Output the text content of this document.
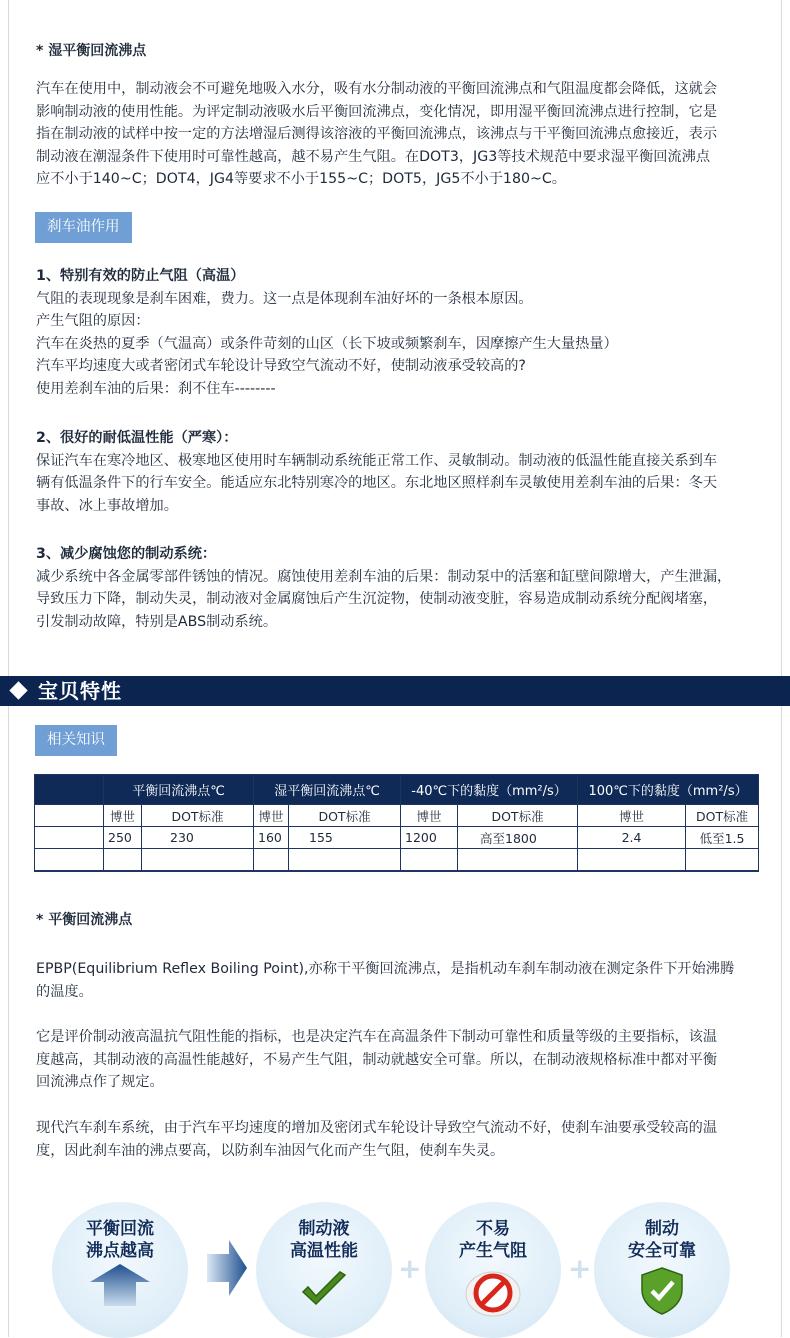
* 湿平衡回流沸点
汽车在使用中，制动液会不可避免地吸入水分，吸有水分制动液的平衡回流沸点和气阻温度都会降低，这就会
影响制动液的使用性能。为评定制动液吸水后平衡回流沸点，变化情况，即用湿平衡回流沸点进行控制，它是
指在制动液的试样中按一定的方法增湿后测得该溶液的平衡回流沸点，该沸点与干平衡回流沸点愈接近，表示
制动液在潮湿条件下使用时可靠性越高，越不易产生气阻。在DOT3，JG3等技术规范中要求湿平衡回流沸点
应不小于140~C；DOT4，JG4等要求不小于155~C；DOT5，JG5不小于180~C。
刹车油作用
1、特别有效的防止气阻（高温）
气阻的表现现象是刹车困难，费力。这一点是体现刹车油好坏的一条根本原因。
产生气阻的原因：
汽车在炎热的夏季（气温高）或条件苛刻的山区（长下坡或频繁刹车，因摩擦产生大量热量）
汽车平均速度大或者密闭式车轮设计导致空气流动不好，使制动液承受较高的?
使用差刹车油的后果：刹不住车--------
2、很好的耐低温性能（严寒）：
保证汽车在寒冷地区、极寒地区使用时车辆制动系统能正常工作、灵敏制动。制动液的低温性能直接关系到车
辆有低温条件下的行车安全。能适应东北特别寒冷的地区。东北地区照样刹车灵敏使用差刹车油的后果：冬天
事故、冰上事故增加。
3、减少腐蚀您的制动系统：
减少系统中各金属零部件锈蚀的情况。腐蚀使用差刹车油的后果：制动泵中的活塞和缸壁间隙增大，产生泄漏，
导致压力下降，制动失灵，制动液对金属腐蚀后产生沉淀物，使制动液变脏，容易造成制动系统分配阀堵塞，
引发制动故障，特别是ABS制动系统。
宝贝特性
相关知识
	平衡回流沸点℃		湿平衡回流沸点℃		-40℃下的黏度（mm²/s）		100℃下的黏度（mm²/s）	
	博世	DOT标准	博世	DOT标准	博世	DOT标准	博世	DOT标准
	250	230	160	155	1200	高至1800	2.4	低至1.5

* 平衡回流沸点
EPBP(Equilibrium Reflex Boiling Point),亦称干平衡回流沸点，是指机动车刹车制动液在测定条件下开始沸腾
的温度。
它是评价制动液高温抗气阻性能的指标，也是决定汽车在高温条件下制动可靠性和质量等级的主要指标，该温
度越高，其制动液的高温性能越好，不易产生气阻，制动就越安全可靠。所以，在制动液规格标准中都对平衡
回流沸点作了规定。
现代汽车刹车系统，由于汽车平均速度的增加及密闭式车轮设计导致空气流动不好，使刹车油要承受较高的温
度，因此刹车油的沸点要高，以防刹车油因气化而产生气阻，使刹车失灵。
平衡回流
沸点越高
制动液
高温性能
+
不易
产生气阻
+
制动
安全可靠
